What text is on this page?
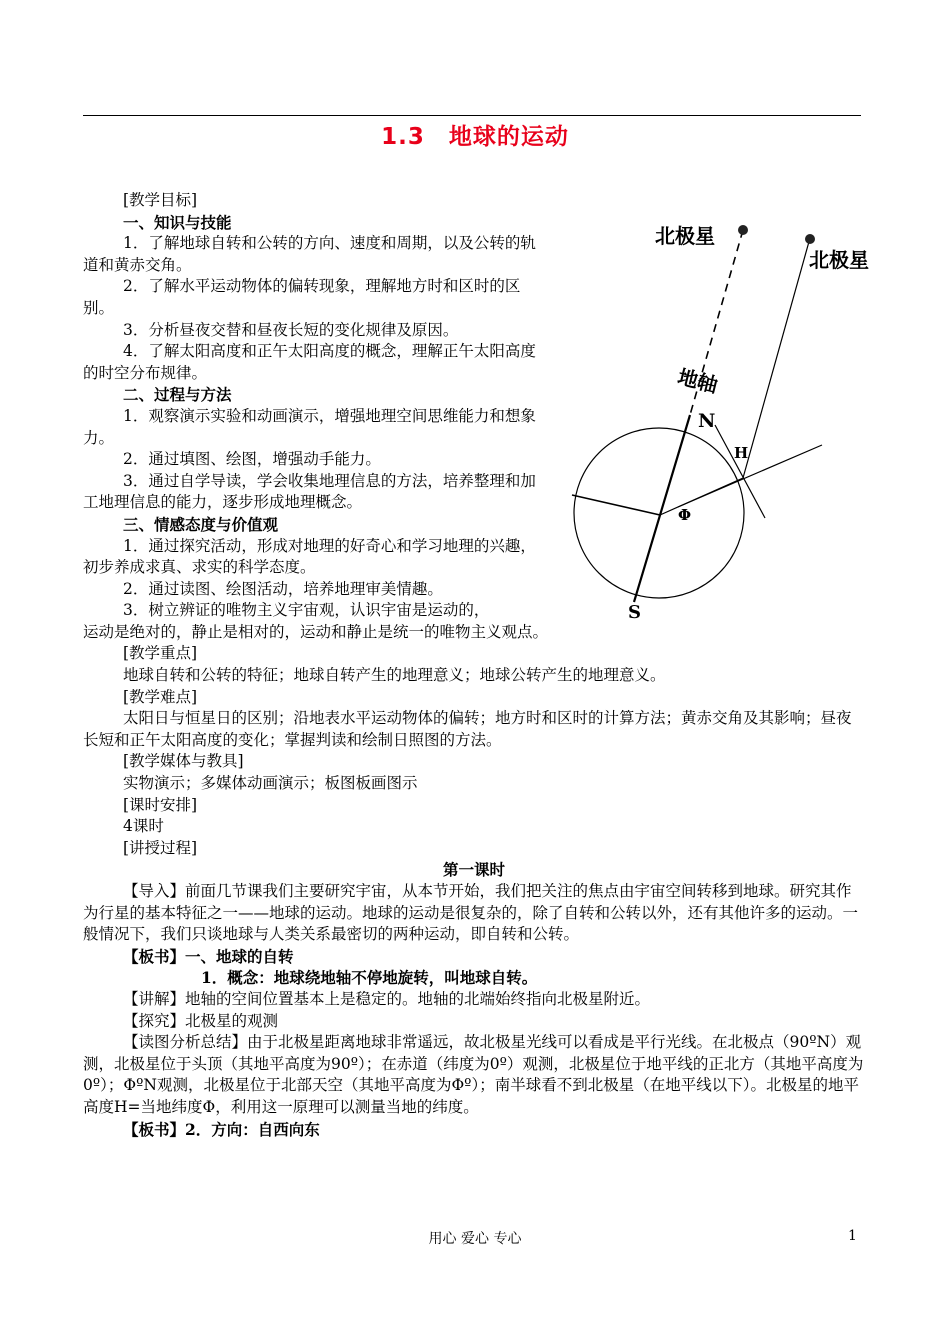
1.3　地球的运动

[教学目标]

一、知识与技能

1．了解地球自转和公转的方向、速度和周期，以及公转的轨道和黄赤交角。

2．了解水平运动物体的偏转现象，理解地方时和区时的区别。

3．分析昼夜交替和昼夜长短的变化规律及原因。

4．了解太阳高度和正午太阳高度的概念，理解正午太阳高度的时空分布规律。

二、过程与方法

1．观察演示实验和动画演示，增强地理空间思维能力和想象力。

2．通过填图、绘图，增强动手能力。

3．通过自学导读，学会收集地理信息的方法，培养整理和加工地理信息的能力，逐步形成地理概念。

三、情感态度与价值观

1．通过探究活动，形成对地理的好奇心和学习地理的兴趣，初步养成求真、求实的科学态度。

2．通过读图、绘图活动，培养地理审美情趣。

3．树立辨证的唯物主义宇宙观，认识宇宙是运动的，

运动是绝对的，静止是相对的，运动和静止是统一的唯物主义观点。

[教学重点]

地球自转和公转的特征；地球自转产生的地理意义；地球公转产生的地理意义。

[教学难点]

太阳日与恒星日的区别；沿地表水平运动物体的偏转；地方时和区时的计算方法；黄赤交角及其影响；昼夜长短和正午太阳高度的变化；掌握判读和绘制日照图的方法。

[教学媒体与教具]

实物演示；多媒体动画演示；板图板画图示

[课时安排]

4课时

[讲授过程]

第一课时

【导入】前面几节课我们主要研究宇宙，从本节开始，我们把关注的焦点由宇宙空间转移到地球。研究其作为行星的基本特征之一——地球的运动。地球的运动是很复杂的，除了自转和公转以外，还有其他许多的运动。一般情况下，我们只谈地球与人类关系最密切的两种运动，即自转和公转。

【板书】一、地球的自转

1．概念：地球绕地轴不停地旋转，叫地球自转。

【讲解】地轴的空间位置基本上是稳定的。地轴的北端始终指向北极星附近。

【探究】北极星的观测

【读图分析总结】由于北极星距离地球非常遥远，故北极星光线可以看成是平行光线。在北极点（90ºN）观测，北极星位于头顶（其地平高度为90º）；在赤道（纬度为0º）观测，北极星位于地平线的正北方（其地平高度为0º）；ΦºN观测，北极星位于北部天空（其地平高度为Φº）；南半球看不到北极星（在地平线以下）。北极星的地平高度H=当地纬度Φ，利用这一原理可以测量当地的纬度。

【板书】2．方向：自西向东

北极星
北极星
地轴
N
S
H
Φ
用心 爱心 专心	1
